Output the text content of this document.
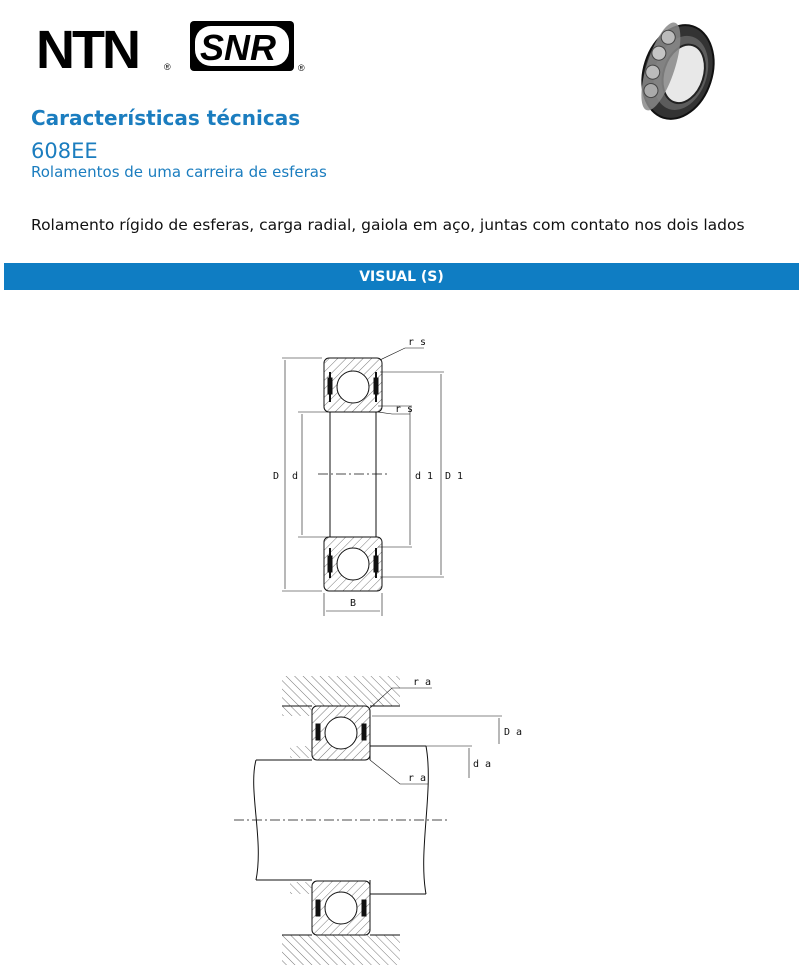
NTN	® SNR ®
Características técnicas
608EE
Rolamentos de uma carreira de esferas
Rolamento rígido de esferas, carga radial, gaiola em aço, juntas com contato nos dois lados
VISUAL (S)
r s
r s
D d	d 1 D 1
B
r a
D a
d a
r a
